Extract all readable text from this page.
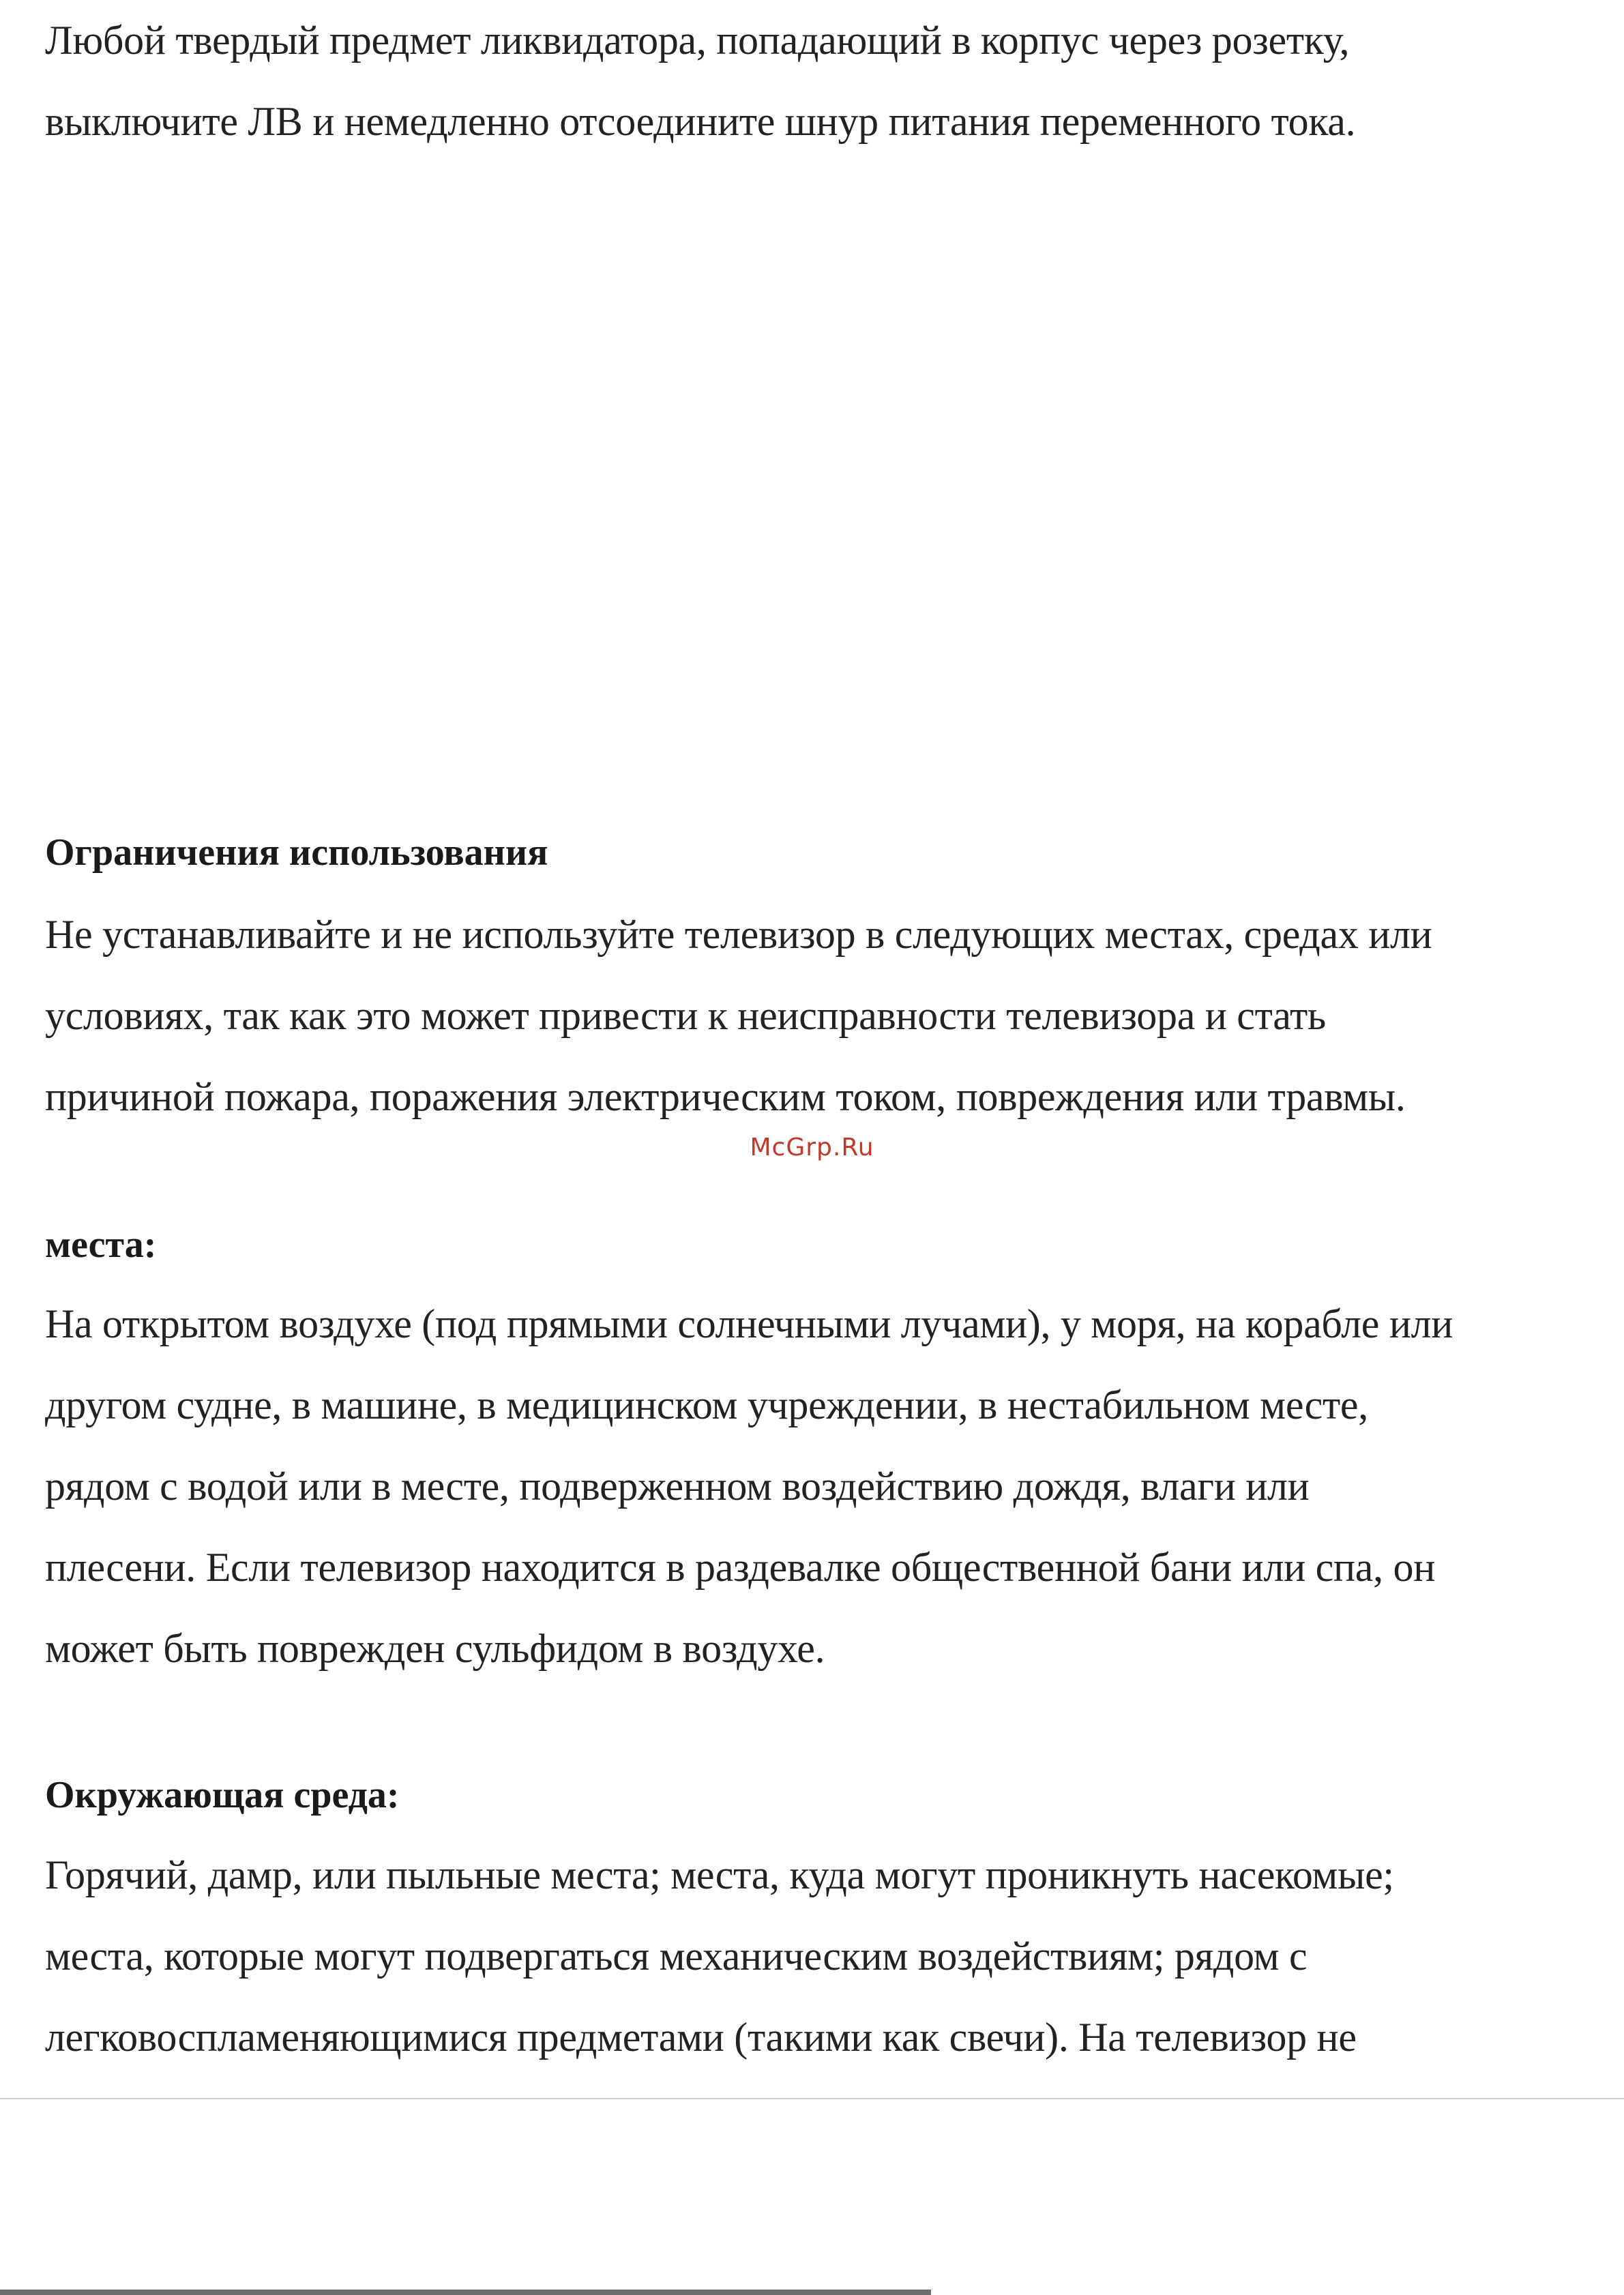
Любой твердый предмет ликвидатора, попадающий в корпус через розетку,
выключите ЛВ и немедленно отсоедините шнур питания переменного тока.
Ограничения использования
Не устанавливайте и не используйте телевизор в следующих местах, средах или
условиях, так как это может привести к неисправности телевизора и стать
причиной пожара, поражения электрическим током, повреждения или травмы.
McGrp.Ru
места:
На открытом воздухе (под прямыми солнечными лучами), у моря, на корабле или
другом судне, в машине, в медицинском учреждении, в нестабильном месте,
рядом с водой или в месте, подверженном воздействию дождя, влаги или
плесени. Если телевизор находится в раздевалке общественной бани или спа, он
может быть поврежден сульфидом в воздухе.
Окружающая среда:
Горячий, дамр, или пыльные места; места, куда могут проникнуть насекомые;
места, которые могут подвергаться механическим воздействиям; рядом с
легковоспламеняющимися предметами (такими как свечи). На телевизор не
